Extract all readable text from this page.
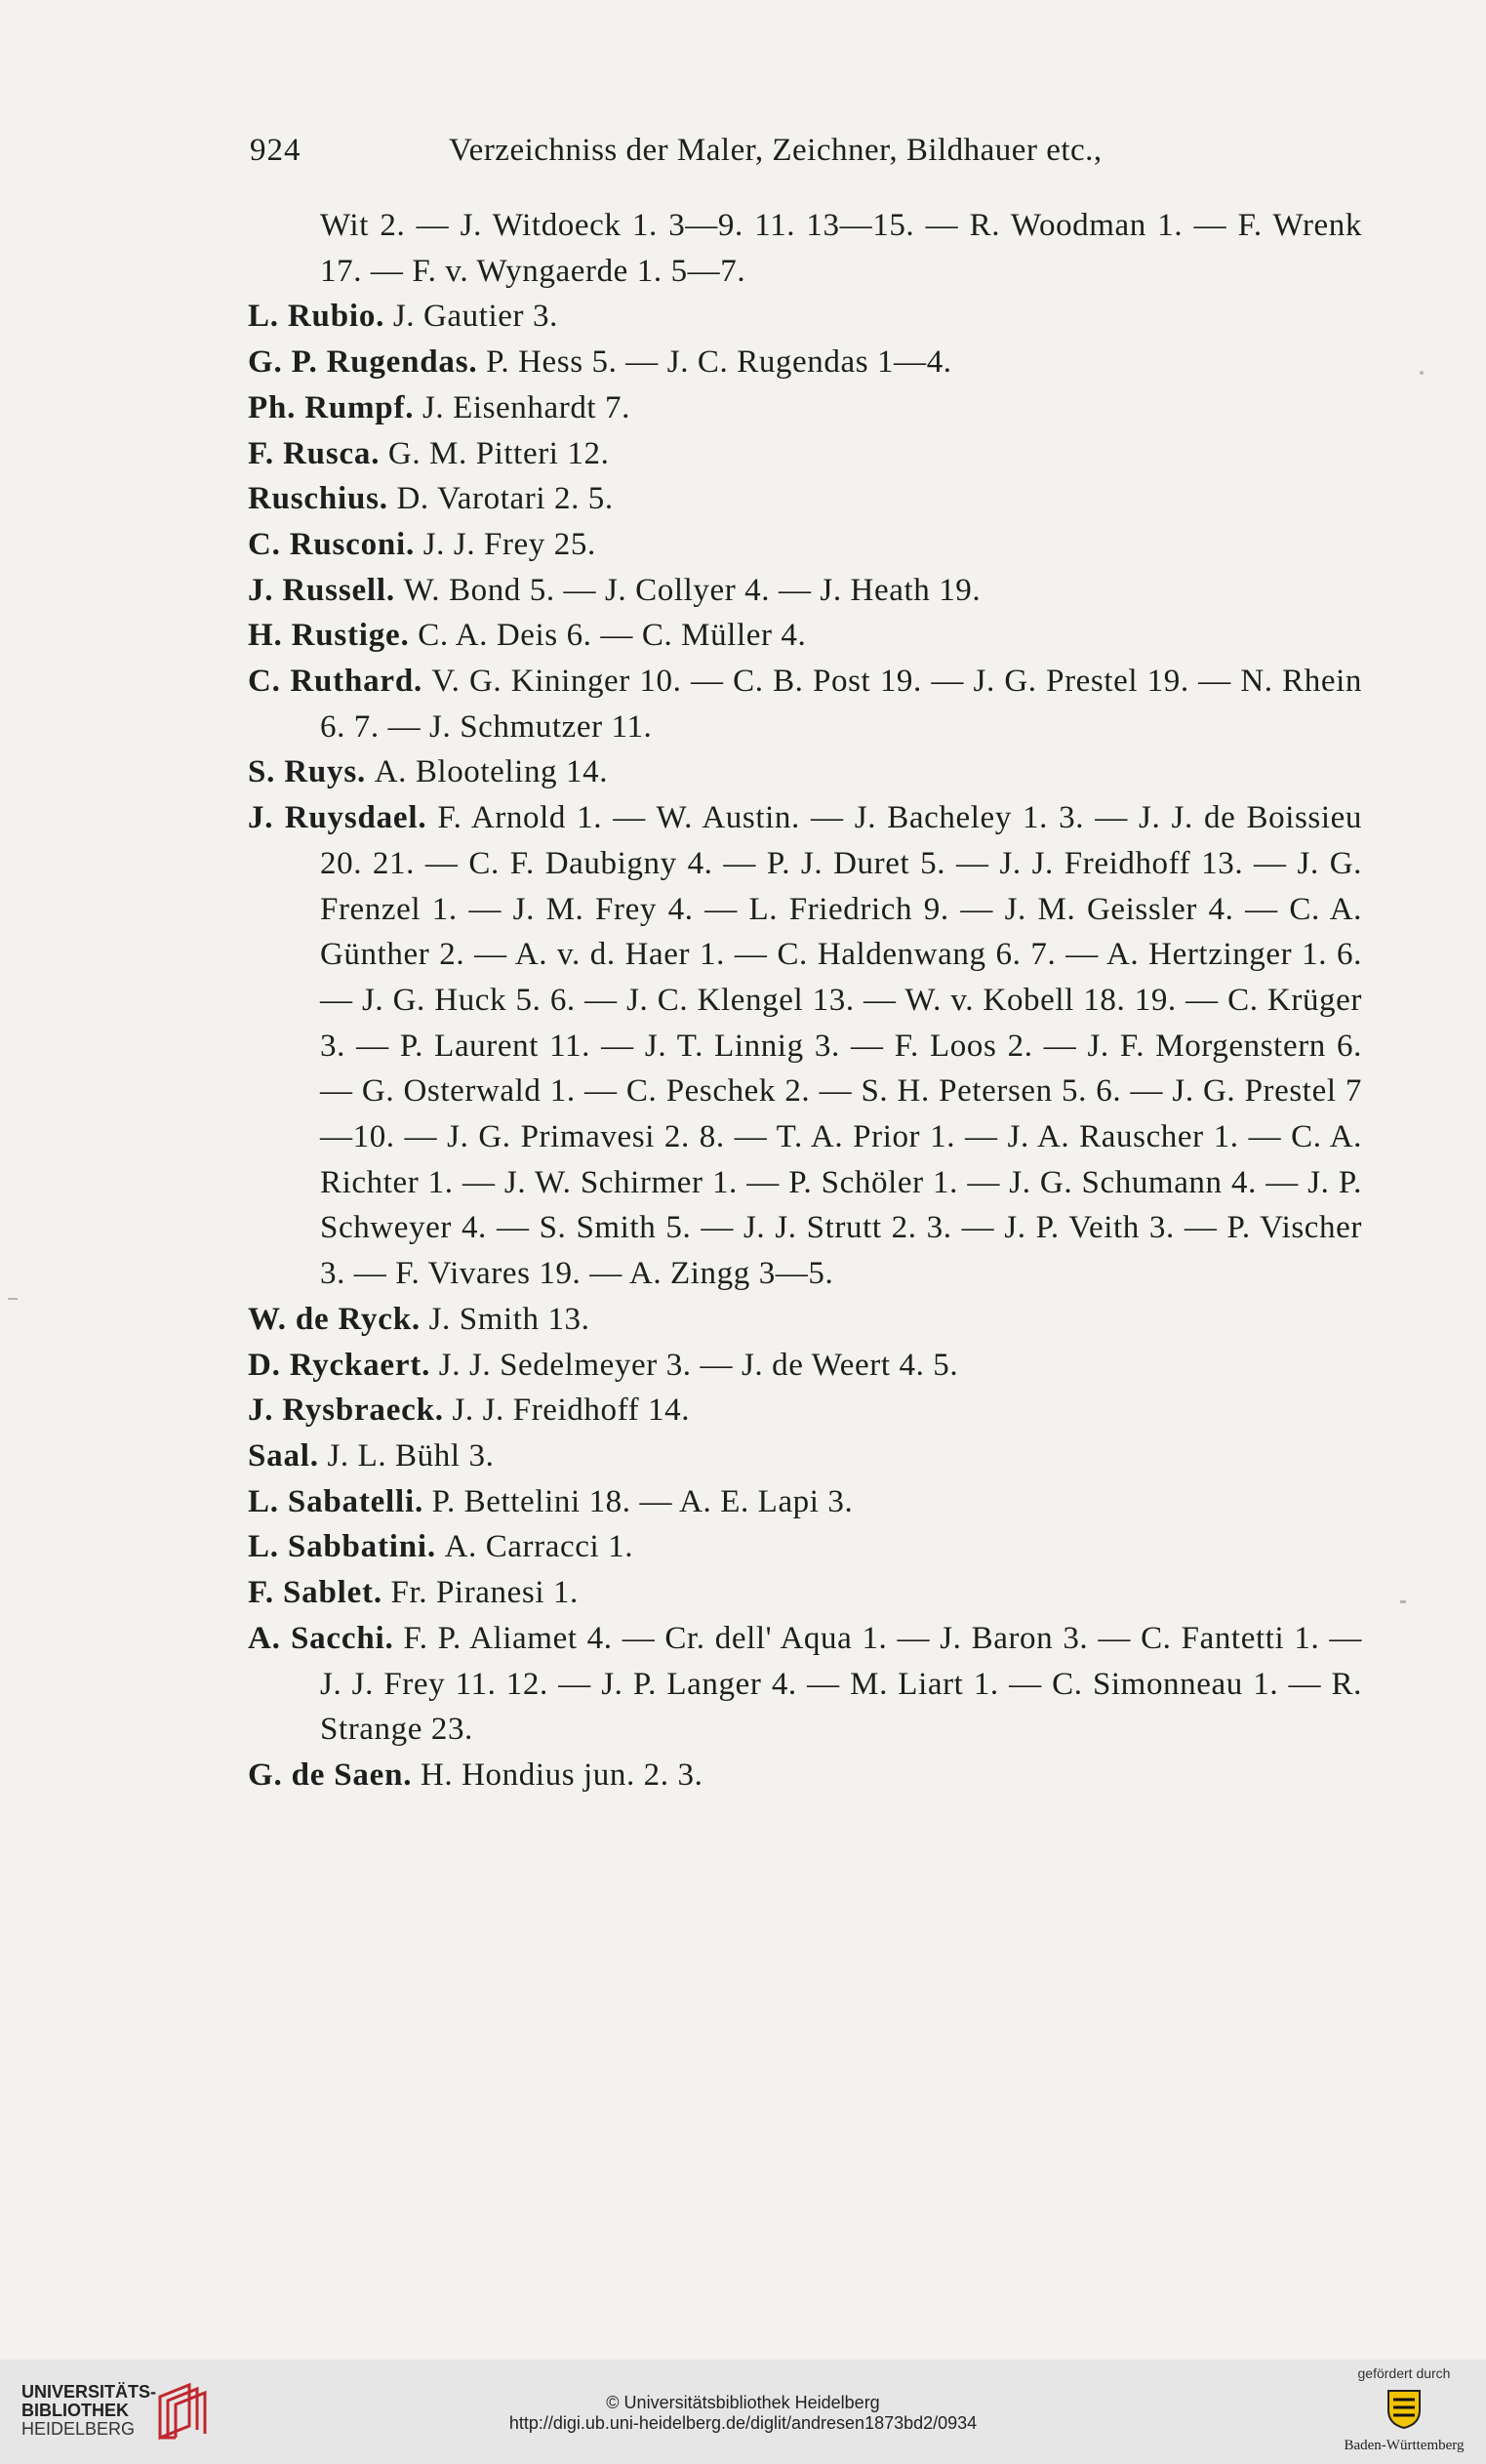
924	Verzeichniss der Maler, Zeichner, Bildhauer etc.,
Wit 2. — J. Witdoeck 1. 3—9. 11. 13—15. — R. Woodman 1. — F. Wrenk 17. — F. v. Wyngaerde 1. 5—7.
L. Rubio. J. Gautier 3.
G. P. Rugendas. P. Hess 5. — J. C. Rugendas 1—4.
Ph. Rumpf. J. Eisenhardt 7.
F. Rusca. G. M. Pitteri 12.
Ruschius. D. Varotari 2. 5.
C. Rusconi. J. J. Frey 25.
J. Russell. W. Bond 5. — J. Collyer 4. — J. Heath 19.
H. Rustige. C. A. Deis 6. — C. Müller 4.
C. Ruthard. V. G. Kininger 10. — C. B. Post 19. — J. G. Prestel 19. — N. Rhein 6. 7. — J. Schmutzer 11.
S. Ruys. A. Blooteling 14.
J. Ruysdael. F. Arnold 1. — W. Austin. — J. Bacheley 1. 3. — J. J. de Boissieu 20. 21. — C. F. Daubigny 4. — P. J. Duret 5. — J. J. Freidhoff 13. — J. G. Frenzel 1. — J. M. Frey 4. — L. Friedrich 9. — J. M. Geissler 4. — C. A. Günther 2. — A. v. d. Haer 1. — C. Haldenwang 6. 7. — A. Hertzinger 1. 6. — J. G. Huck 5. 6. — J. C. Klengel 13. — W. v. Kobell 18. 19. — C. Krüger 3. — P. Laurent 11. — J. T. Linnig 3. — F. Loos 2. — J. F. Morgenstern 6. — G. Osterwald 1. — C. Peschek 2. — S. H. Petersen 5. 6. — J. G. Prestel 7—10. — J. G. Primavesi 2. 8. — T. A. Prior 1. — J. A. Rauscher 1. — C. A. Richter 1. — J. W. Schirmer 1. — P. Schöler 1. — J. G. Schumann 4. — J. P. Schweyer 4. — S. Smith 5. — J. J. Strutt 2. 3. — J. P. Veith 3. — P. Vischer 3. — F. Vivares 19. — A. Zingg 3—5.
W. de Ryck. J. Smith 13.
D. Ryckaert. J. J. Sedelmeyer 3. — J. de Weert 4. 5.
J. Rysbraeck. J. J. Freidhoff 14.
Saal. J. L. Bühl 3.
L. Sabatelli. P. Bettelini 18. — A. E. Lapi 3.
L. Sabbatini. A. Carracci 1.
F. Sablet. Fr. Piranesi 1.
A. Sacchi. F. P. Aliamet 4. — Cr. dell' Aqua 1. — J. Baron 3. — C. Fantetti 1. — J. J. Frey 11. 12. — J. P. Langer 4. — M. Liart 1. — C. Simonneau 1. — R. Strange 23.
G. de Saen. H. Hondius jun. 2. 3.
UNIVERSITÄTS-
BIBLIOTHEK
HEIDELBERG
© Universitätsbibliothek Heidelberg
http://digi.ub.uni-heidelberg.de/diglit/andresen1873bd2/0934
gefördert durch
Baden-Württemberg
